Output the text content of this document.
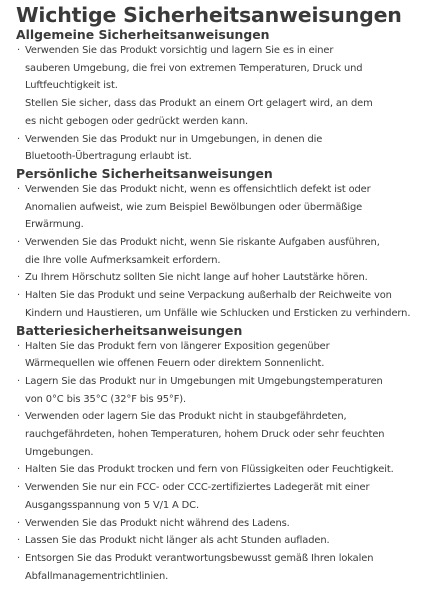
Wichtige Sicherheitsanweisungen
Allgemeine Sicherheitsanweisungen
· Verwenden Sie das Produkt vorsichtig und lagern Sie es in einer
sauberen Umgebung, die frei von extremen Temperaturen, Druck und
Luftfeuchtigkeit ist.
Stellen Sie sicher, dass das Produkt an einem Ort gelagert wird, an dem
es nicht gebogen oder gedrückt werden kann.
· Verwenden Sie das Produkt nur in Umgebungen, in denen die
Bluetooth-Übertragung erlaubt ist.
Persönliche Sicherheitsanweisungen
· Verwenden Sie das Produkt nicht, wenn es offensichtlich defekt ist oder
Anomalien aufweist, wie zum Beispiel Bewölbungen oder übermäßige
Erwärmung.
· Verwenden Sie das Produkt nicht, wenn Sie riskante Aufgaben ausführen,
die Ihre volle Aufmerksamkeit erfordern.
· Zu Ihrem Hörschutz sollten Sie nicht lange auf hoher Lautstärke hören.
· Halten Sie das Produkt und seine Verpackung außerhalb der Reichweite von
Kindern und Haustieren, um Unfälle wie Schlucken und Ersticken zu verhindern.
Batteriesicherheitsanweisungen
· Halten Sie das Produkt fern von längerer Exposition gegenüber
Wärmequellen wie offenen Feuern oder direktem Sonnenlicht.
· Lagern Sie das Produkt nur in Umgebungen mit Umgebungstemperaturen
von 0°C bis 35°C (32°F bis 95°F).
· Verwenden oder lagern Sie das Produkt nicht in staubgefährdeten,
rauchgefährdeten, hohen Temperaturen, hohem Druck oder sehr feuchten
Umgebungen.
· Halten Sie das Produkt trocken und fern von Flüssigkeiten oder Feuchtigkeit.
· Verwenden Sie nur ein FCC- oder CCC-zertifiziertes Ladegerät mit einer
Ausgangsspannung von 5 V/1 A DC.
· Verwenden Sie das Produkt nicht während des Ladens.
· Lassen Sie das Produkt nicht länger als acht Stunden aufladen.
· Entsorgen Sie das Produkt verantwortungsbewusst gemäß Ihren lokalen
Abfallmanagementrichtlinien.
